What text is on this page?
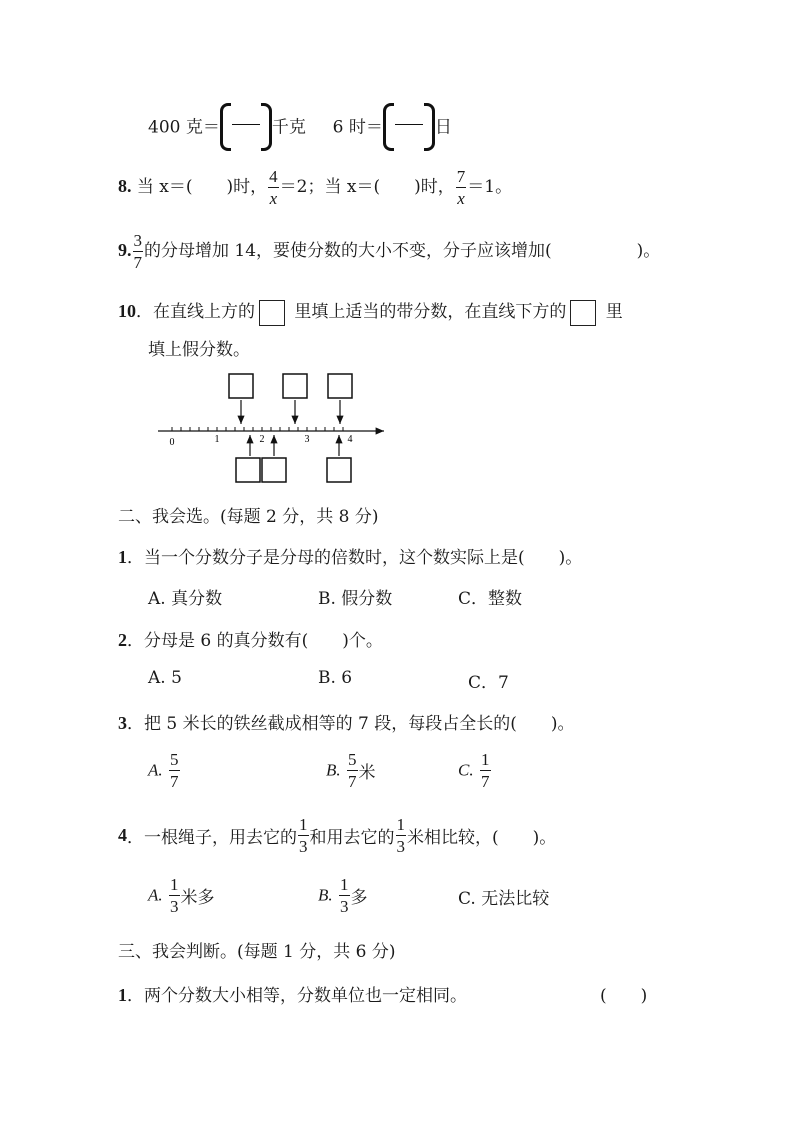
400 克＝	千克 6 时＝	日
8. 当 x＝(　　)时， $\frac{4}{x} =2$；当 x＝(　　)时， $\frac{7}{x} =1$。
9. $\frac{3}{7}$ 的分母增加 14，要使分数的大小不变，分子应该增加(　　　　　)。
10．在直线上方的 里填上适当的带分数，在直线下方的 里
填上假分数。
0	1	2	3	4
二、我会选。(每题 2 分，共 8 分)
1．当一个分数分子是分母的倍数时，这个数实际上是(　　)。
A. 真分数	B. 假分数	C．整数
2．分母是 6 的真分数有(　　)个。
A. 5	B. 6	C．7
3．把 5 米长的铁丝截成相等的 7 段，每段占全长的(　　)。
A. $\frac{5}{7}$	B. $\frac{5}{7}$ 米	C. $\frac{1}{7}$
4．一根绳子，用去它的 $\frac{1}{3}$ 和用去它的 $\frac{1}{3}$ 米相比较，(　　)。
A. $\frac{1}{3}$ 米多	B. $\frac{1}{3}$ 多	C. 无法比较
三、我会判断。(每题 1 分，共 6 分)
1．两个分数大小相等，分数单位也一定相同。	(　　)
